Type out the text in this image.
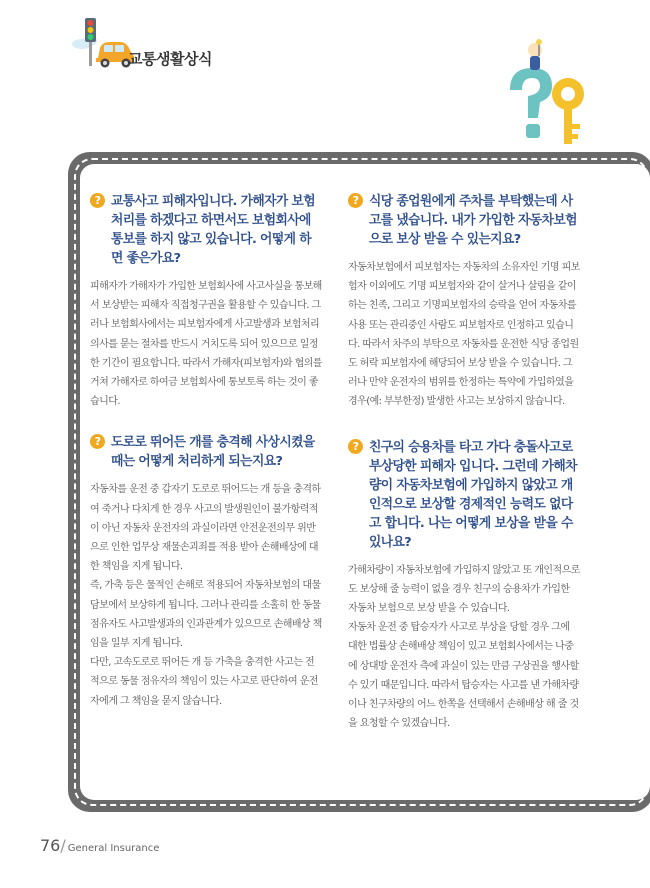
교통생활상식
? 교통사고 피해자입니다. 가해자가 보험처리를 하겠다고 하면서도 보험회사에 통보를 하지 않고 있습니다. 어떻게 하면 좋은가요?

피해자가 가해자가 가입한 보험회사에 사고사실을 통보해서 보상받는 피해자 직접청구권을 활용할 수 있습니다. 그러나 보험회사에서는 피보험자에게 사고발생과 보험처리 의사를 묻는 절차를 반드시 거치도록 되어 있으므로 일정한 기간이 필요합니다. 따라서 가해자(피보험자)와 협의를 거쳐 가해자로 하여금 보험회사에 통보토록 하는 것이 좋습니다.

? 도로로 뛰어든 개를 충격해 사상시켰을 때는 어떻게 처리하게 되는지요?

자동차를 운전 중 갑자기 도로로 뛰어드는 개 등을 충격하여 죽거나 다치게 한 경우 사고의 발생원인이 불가항력적이 아닌 자동차 운전자의 과실이라면 안전운전의무 위반으로 인한 업무상 재물손괴죄를 적용 받아 손해배상에 대한 책임을 지게 됩니다.

즉, 가축 등은 물적인 손해로 적용되어 자동차보험의 대물담보에서 보상하게 됩니다. 그러나 관리를 소홀히 한 동물 점유자도 사고발생과의 인과관계가 있으므로 손해배상 책임을 일부 지게 됩니다.

다만, 고속도로로 뛰어든 개 등 가축을 충격한 사고는 전적으로 동물 점유자의 책임이 있는 사고로 판단하여 운전자에게 그 책임을 묻지 않습니다.

? 식당 종업원에게 주차를 부탁했는데 사고를 냈습니다. 내가 가입한 자동차보험으로 보상 받을 수 있는지요?

자동차보험에서 피보험자는 자동차의 소유자인 기명 피보험자 이외에도 기명 피보험자와 같이 살거나 살림을 같이 하는 친족, 그리고 기명피보험자의 승락을 얻어 자동차를 사용 또는 관리중인 사람도 피보험자로 인정하고 있습니다. 따라서 차주의 부탁으로 자동차를 운전한 식당 종업원도 허락 피보험자에 해당되어 보상 받을 수 있습니다. 그러나 만약 운전자의 범위를 한정하는 특약에 가입하였을 경우(예: 부부한정) 발생한 사고는 보상하지 않습니다.

? 친구의 승용차를 타고 가다 충돌사고로 부상당한 피해자 입니다. 그런데 가해차량이 자동차보험에 가입하지 않았고 개인적으로 보상할 경제적인 능력도 없다고 합니다. 나는 어떻게 보상을 받을 수 있나요?

가해차량이 자동차보험에 가입하지 않았고 또 개인적으로도 보상해 줄 능력이 없을 경우 친구의 승용차가 가입한 자동차 보험으로 보상 받을 수 있습니다.

자동차 운전 중 탑승자가 사고로 부상을 당할 경우 그에 대한 법률상 손해배상 책임이 있고 보험회사에서는 나중에 상대방 운전자 측에 과실이 있는 만큼 구상권을 행사할 수 있기 때문입니다. 따라서 탑승자는 사고를 낸 가해차량이나 친구차량의 어느 한쪽을 선택해서 손해배상 해 줄 것을 요청할 수 있겠습니다.

76/ General Insurance
